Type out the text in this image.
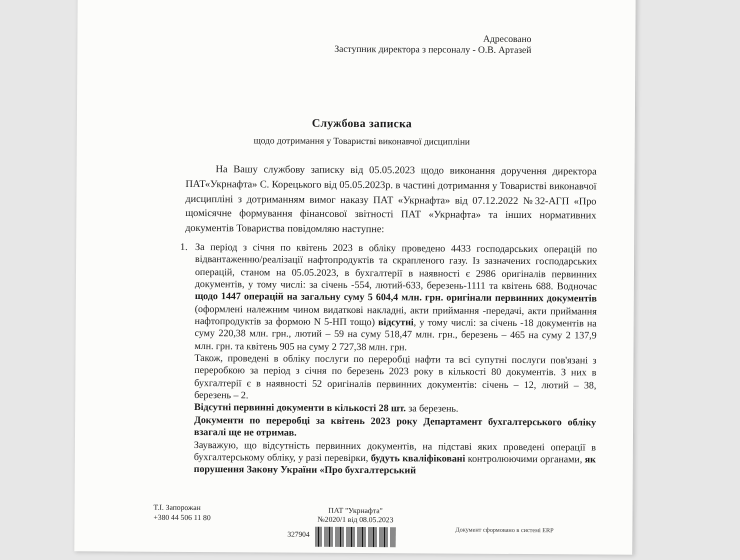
Адресовано
Заступник директора з персоналу - О.В. Артазей
Службова записка
щодо дотримання у Товаристві виконавчої дисципліни
На Вашу службову записку від 05.05.2023 щодо виконання доручення директора ПАТ«Укрнафта» С. Корецького від 05.05.2023р. в частині дотримання у Товаристві виконавчої дисципліні з дотриманням вимог наказу ПАТ «Укрнафта» від 07.12.2022 №32-АГП «Про щомісячне формування фінансової звітності ПАТ «Укрнафта» та інших нормативних документів Товариства повідомляю наступне:
1. За період з січня по квітень 2023 в обліку проведено 4433 господарських операцій по відвантаженню/реалізації нафтопродуктів та скрапленого газу. Із зазначених господарських операцій, станом на 05.05.2023, в бухгалтерії в наявності є 2986 оригіналів первинних документів, у тому числі: за січень -554, лютий-633, березень-1111 та квітень 688. Водночас щодо 1447 операцій на загальну суму 5 604,4 млн. грн. оригінали первинних документів (оформлені належним чином видаткові накладні, акти приймання -передачі, акти приймання нафтопродуктів за формою N 5-НП тощо) відсутні, у тому числі: за січень -18 документів на суму 220,38 млн. грн., лютий – 59 на суму 518,47 млн. грн., березень – 465 на суму 2 137,9 млн. грн. та квітень 905 на суму 2 727,38 млн. грн.

Також, проведені в обліку послуги по переробці нафти та всі супутні послуги пов'язані з переробкою за період з січня по березень 2023 року в кількості 80 документів. З них в бухгалтерії є в наявності 52 оригіналів первинних документів: січень – 12, лютий – 38, березень – 2.

Відсутні первинні документи в кількості 28 шт. за березень.

Документи по переробці за квітень 2023 року Департамент бухгалтерського обліку взагалі ще не отримав.

Зауважую, що відсутність первинних документів, на підставі яких проведені операції в бухгалтерському обліку, у разі перевірки, будуть кваліфіковані контролюючими органами, як порушення Закону України «Про бухгалтерський

Т.І. Запорожан
+380 44 506 11 80
ПАТ "Укрнафта"
№2020/1 від 08.05.2023
327904	Документ сформовано в системі ERP
